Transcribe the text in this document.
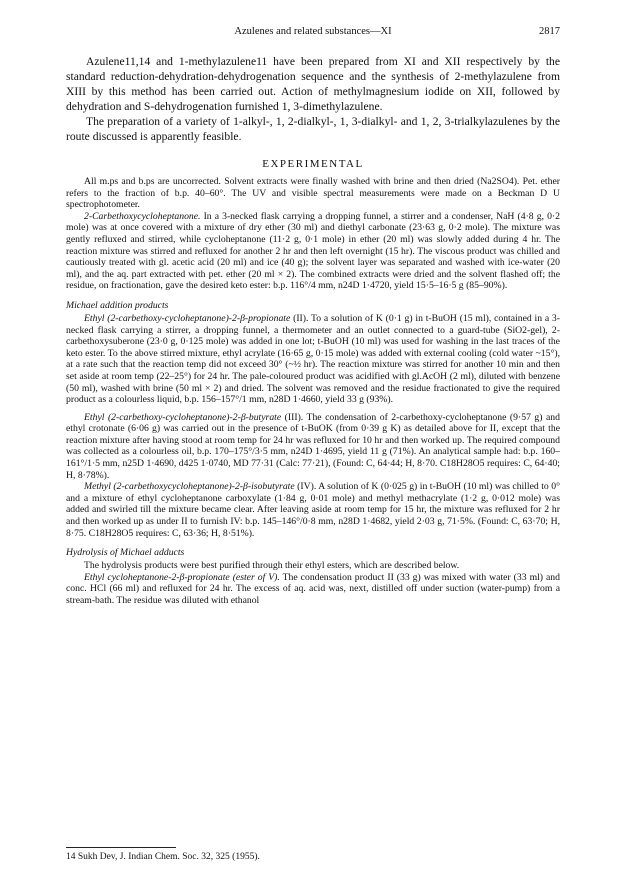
Azulenes and related substances—XI	2817

Azulene11,14 and 1-methylazulene11 have been prepared from XI and XII respectively by the standard reduction-dehydration-dehydrogenation sequence and the synthesis of 2-methylazulene from XIII by this method has been carried out. Action of methylmagnesium iodide on XII, followed by dehydration and S-dehydrogenation furnished 1, 3-dimethylazulene.

The preparation of a variety of 1-alkyl-, 1, 2-dialkyl-, 1, 3-dialkyl- and 1, 2, 3-trialkylazulenes by the route discussed is apparently feasible.

EXPERIMENTAL

All m.ps and b.ps are uncorrected. Solvent extracts were finally washed with brine and then dried (Na2SO4). Pet. ether refers to the fraction of b.p. 40–60°. The UV and visible spectral measurements were made on a Beckman D U spectrophotometer.

2-Carbethoxycycloheptanone. In a 3-necked flask carrying a dropping funnel, a stirrer and a condenser, NaH (4·8 g, 0·2 mole) was at once covered with a mixture of dry ether (30 ml) and diethyl carbonate (23·63 g, 0·2 mole). The mixture was gently refluxed and stirred, while cycloheptanone (11·2 g, 0·1 mole) in ether (20 ml) was slowly added during 4 hr. The reaction mixture was stirred and refluxed for another 2 hr and then left overnight (15 hr). The viscous product was chilled and cautiously treated with gl. acetic acid (20 ml) and ice (40 g); the solvent layer was separated and washed with ice-water (20 ml), and the aq. part extracted with pet. ether (20 ml × 2). The combined extracts were dried and the solvent flashed off; the residue, on fractionation, gave the desired keto ester: b.p. 116°/4 mm, n24D 1·4720, yield 15·5–16·5 g (85–90%).

Michael addition products

Ethyl (2-carbethoxy-cycloheptanone)-2-β-propionate (II). To a solution of K (0·1 g) in t-BuOH (15 ml), contained in a 3-necked flask carrying a stirrer, a dropping funnel, a thermometer and an outlet connected to a guard-tube (SiO2-gel), 2-carbethoxysuberone (23·0 g, 0·125 mole) was added in one lot; t-BuOH (10 ml) was used for washing in the last traces of the keto ester. To the above stirred mixture, ethyl acrylate (16·65 g, 0·15 mole) was added with external cooling (cold water ~15°), at a rate such that the reaction temp did not exceed 30° (~½ hr). The reaction mixture was stirred for another 10 min and then set aside at room temp (22–25°) for 24 hr. The pale-coloured product was acidified with gl.AcOH (2 ml), diluted with benzene (50 ml), washed with brine (50 ml × 2) and dried. The solvent was removed and the residue fractionated to give the required product as a colourless liquid, b.p. 156–157°/1 mm, n28D 1·4660, yield 33 g (93%).

Ethyl (2-carbethoxy-cycloheptanone)-2-β-butyrate (III). The condensation of 2-carbethoxy-cycloheptanone (9·57 g) and ethyl crotonate (6·06 g) was carried out in the presence of t-BuOK (from 0·39 g K) as detailed above for II, except that the reaction mixture after having stood at room temp for 24 hr was refluxed for 10 hr and then worked up. The required compound was collected as a colourless oil, b.p. 170–175°/3·5 mm, n24D 1·4695, yield 11 g (71%). An analytical sample had: b.p. 160–161°/1·5 mm, n25D 1·4690, d425 1·0740, MD 77·31 (Calc: 77·21), (Found: C, 64·44; H, 8·70. C18H28O5 requires: C, 64·40; H, 8·78%).

Methyl (2-carbethoxycycloheptanone)-2-β-isobutyrate (IV). A solution of K (0·025 g) in t-BuOH (10 ml) was chilled to 0° and a mixture of ethyl cycloheptanone carboxylate (1·84 g, 0·01 mole) and methyl methacrylate (1·2 g, 0·012 mole) was added and swirled till the mixture became clear. After leaving aside at room temp for 15 hr, the mixture was refluxed for 2 hr and then worked up as under II to furnish IV: b.p. 145–146°/0·8 mm, n28D 1·4682, yield 2·03 g, 71·5%. (Found: C, 63·70; H, 8·75. C18H28O5 requires: C, 63·36; H, 8·51%).

Hydrolysis of Michael adducts

The hydrolysis products were best purified through their ethyl esters, which are described below.

Ethyl cycloheptanone-2-β-propionate (ester of V). The condensation product II (33 g) was mixed with water (33 ml) and conc. HCl (66 ml) and refluxed for 24 hr. The excess of aq. acid was, next, distilled off under suction (water-pump) from a stream-bath. The residue was diluted with ethanol

14 Sukh Dev, J. Indian Chem. Soc. 32, 325 (1955).
